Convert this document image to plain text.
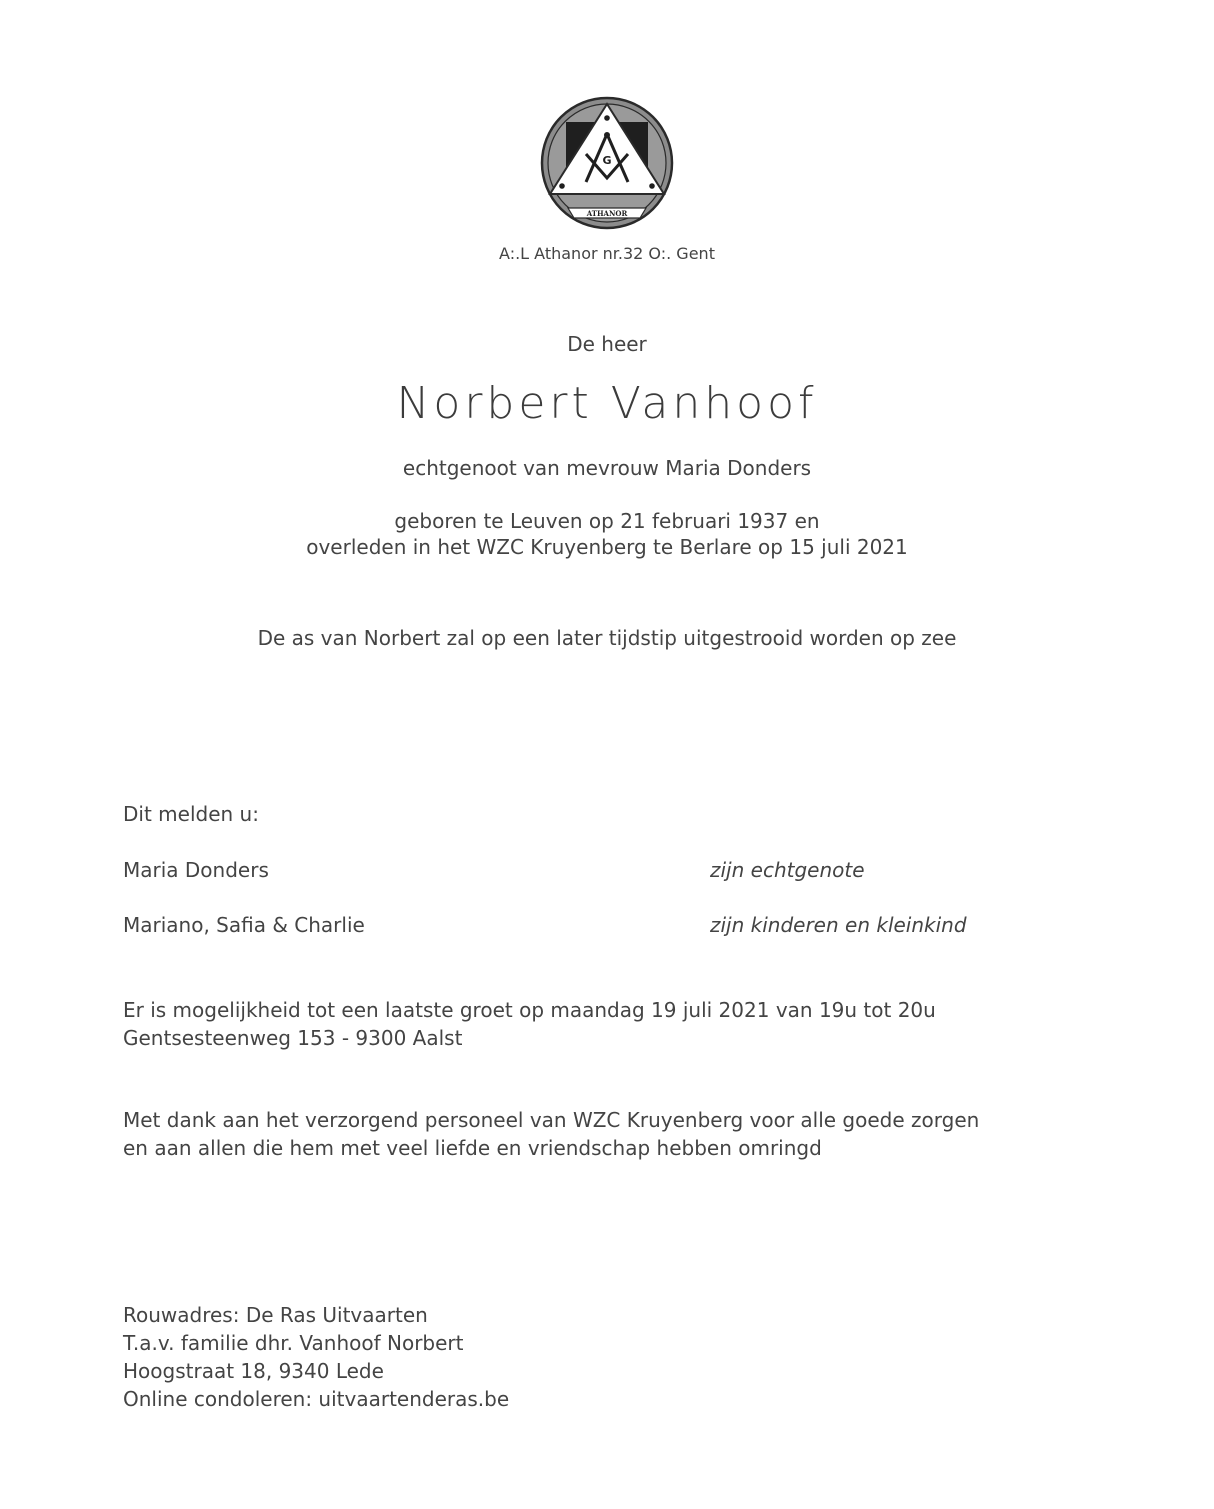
G
ATHANOR
A:.L Athanor nr.32 O:. Gent
De heer
Norbert Vanhoof
echtgenoot van mevrouw Maria Donders
geboren te Leuven op 21 februari 1937 en
overleden in het WZC Kruyenberg te Berlare op 15 juli 2021
De as van Norbert zal op een later tijdstip uitgestrooid worden op zee
Dit melden u:
Maria Donders	zijn echtgenote
Mariano, Safia & Charlie	zijn kinderen en kleinkind
Er is mogelijkheid tot een laatste groet op maandag 19 juli 2021 van 19u tot 20u
Gentsesteenweg 153 - 9300 Aalst
Met dank aan het verzorgend personeel van WZC Kruyenberg voor alle goede zorgen
en aan allen die hem met veel liefde en vriendschap hebben omringd
Rouwadres: De Ras Uitvaarten
T.a.v. familie dhr. Vanhoof Norbert
Hoogstraat 18, 9340 Lede
Online condoleren: uitvaartenderas.be
